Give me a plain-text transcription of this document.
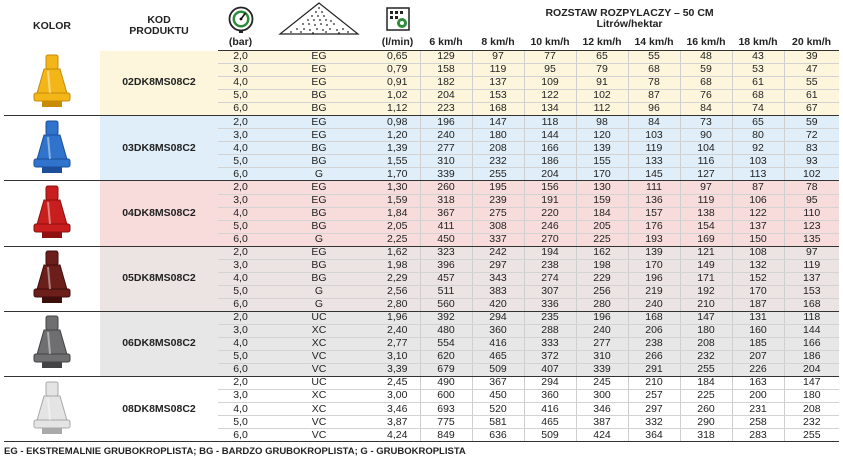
KOLOR	KOD
PRODUKTU				ROZSTAW ROZPYLACZY – 50 CM
Litrów/hektar							

		(bar)		(l/min)	6 km/h	8 km/h	10 km/h	12 km/h	14 km/h	16 km/h	18 km/h	20 km/h
	02DK8MS08C2	2,0	EG	0,65	129	97	77	65	55	48	43	39
		3,0	EG	0,79	158	119	95	79	68	59	53	47
		4,0	EG	0,91	182	137	109	91	78	68	61	55
		5,0	BG	1,02	204	153	122	102	87	76	68	61
		6,0	BG	1,12	223	168	134	112	96	84	74	67
	03DK8MS08C2	2,0	EG	0,98	196	147	118	98	84	73	65	59
		3,0	EG	1,20	240	180	144	120	103	90	80	72
		4,0	BG	1,39	277	208	166	139	119	104	92	83
		5,0	BG	1,55	310	232	186	155	133	116	103	93
		6,0	G	1,70	339	255	204	170	145	127	113	102
	04DK8MS08C2	2,0	EG	1,30	260	195	156	130	111	97	87	78
		3,0	EG	1,59	318	239	191	159	136	119	106	95
		4,0	BG	1,84	367	275	220	184	157	138	122	110
		5,0	BG	2,05	411	308	246	205	176	154	137	123
		6,0	G	2,25	450	337	270	225	193	169	150	135
	05DK8MS08C2	2,0	EG	1,62	323	242	194	162	139	121	108	97
		3,0	BG	1,98	396	297	238	198	170	149	132	119
		4,0	BG	2,29	457	343	274	229	196	171	152	137
		5,0	G	2,56	511	383	307	256	219	192	170	153
		6,0	G	2,80	560	420	336	280	240	210	187	168
	06DK8MS08C2	2,0	UC	1,96	392	294	235	196	168	147	131	118
		3,0	XC	2,40	480	360	288	240	206	180	160	144
		4,0	XC	2,77	554	416	333	277	238	208	185	166
		5,0	VC	3,10	620	465	372	310	266	232	207	186
		6,0	VC	3,39	679	509	407	339	291	255	226	204
	08DK8MS08C2	2,0	UC	2,45	490	367	294	245	210	184	163	147
		3,0	XC	3,00	600	450	360	300	257	225	200	180
		4,0	XC	3,46	693	520	416	346	297	260	231	208
		5,0	VC	3,87	775	581	465	387	332	290	258	232
		6,0	VC	4,24	849	636	509	424	364	318	283	255
EG - EKSTREMALNIE GRUBOKROPLISTA; BG - BARDZO GRUBOKROPLISTA; G - GRUBOKROPLISTA
